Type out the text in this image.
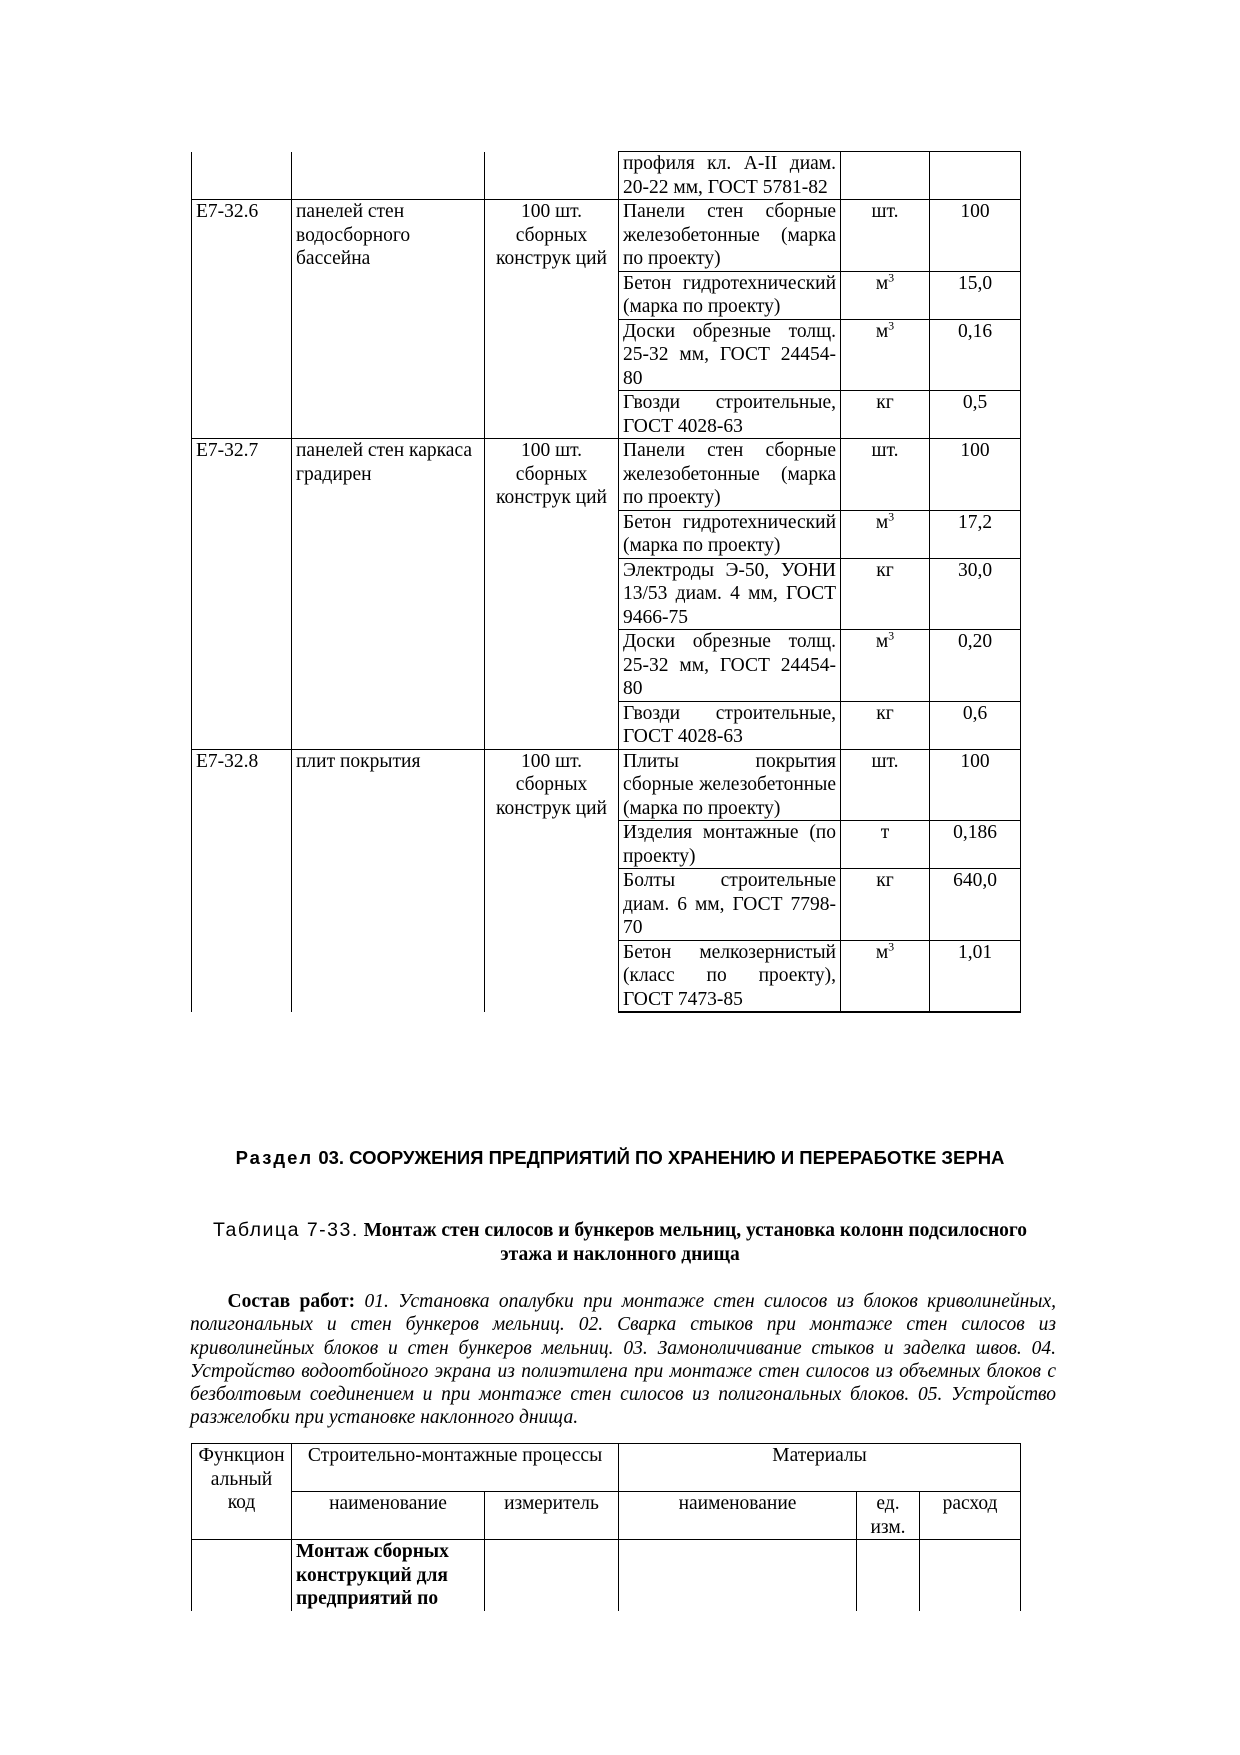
			профиля кл. А-II диам. 20-22 мм, ГОСТ 5781-82		
Е7-32.6	панелей стен водосборного бассейна	100 шт. сборных конструк ций	Панели стен сборные железобетонные (марка по проекту)	шт.	100
			Бетон гидротехнический (марка по проекту)	$м^3$	15,0
			Доски обрезные толщ. 25-32 мм, ГОСТ 24454-80	$м^3$	0,16
			Гвозди строительные, ГОСТ 4028-63	кг	0,5
Е7-32.7	панелей стен каркаса градирен	100 шт. сборных конструк ций	Панели стен сборные железобетонные (марка по проекту)	шт.	100
			Бетон гидротехнический (марка по проекту)	$м^3$	17,2
			Электроды Э-50, УОНИ 13/53 диам. 4 мм, ГОСТ 9466-75	кг	30,0
			Доски обрезные толщ. 25-32 мм, ГОСТ 24454-80	$м^3$	0,20
			Гвозди строительные, ГОСТ 4028-63	кг	0,6
Е7-32.8	плит покрытия	100 шт. сборных конструк ций	Плиты покрытия сборные железобетонные (марка по проекту)	шт.	100
			Изделия монтажные (по проекту)	т	0,186
			Болты строительные диам. 6 мм, ГОСТ 7798-70	кг	640,0
			Бетон мелкозернистый (класс по проекту), ГОСТ 7473-85	$м^3$	1,01
Раздел 03. СООРУЖЕНИЯ ПРЕДПРИЯТИЙ ПО ХРАНЕНИЮ И ПЕРЕРАБОТКЕ ЗЕРНА
Таблица 7-33. Монтаж стен силосов и бункеров мельниц, установка колонн подсилосного этажа и наклонного днища
Состав работ: 01. Установка опалубки при монтаже стен силосов из блоков криволинейных, полигональных и стен бункеров мельниц. 02. Сварка стыков при монтаже стен силосов из криволинейных блоков и стен бункеров мельниц. 03. Замоноличивание стыков и заделка швов. 04. Устройство водоотбойного экрана из полиэтилена при монтаже стен силосов из объемных блоков с безболтовым соединением и при монтаже стен силосов из полигональных блоков. 05. Устройство разжелобки при установке наклонного днища.
Функцион альный код	Строительно-монтажные процессы		Материалы		
	наименование	измеритель	наименование	ед. изм.	расход
	Монтаж сборных конструкций для предприятий по				
